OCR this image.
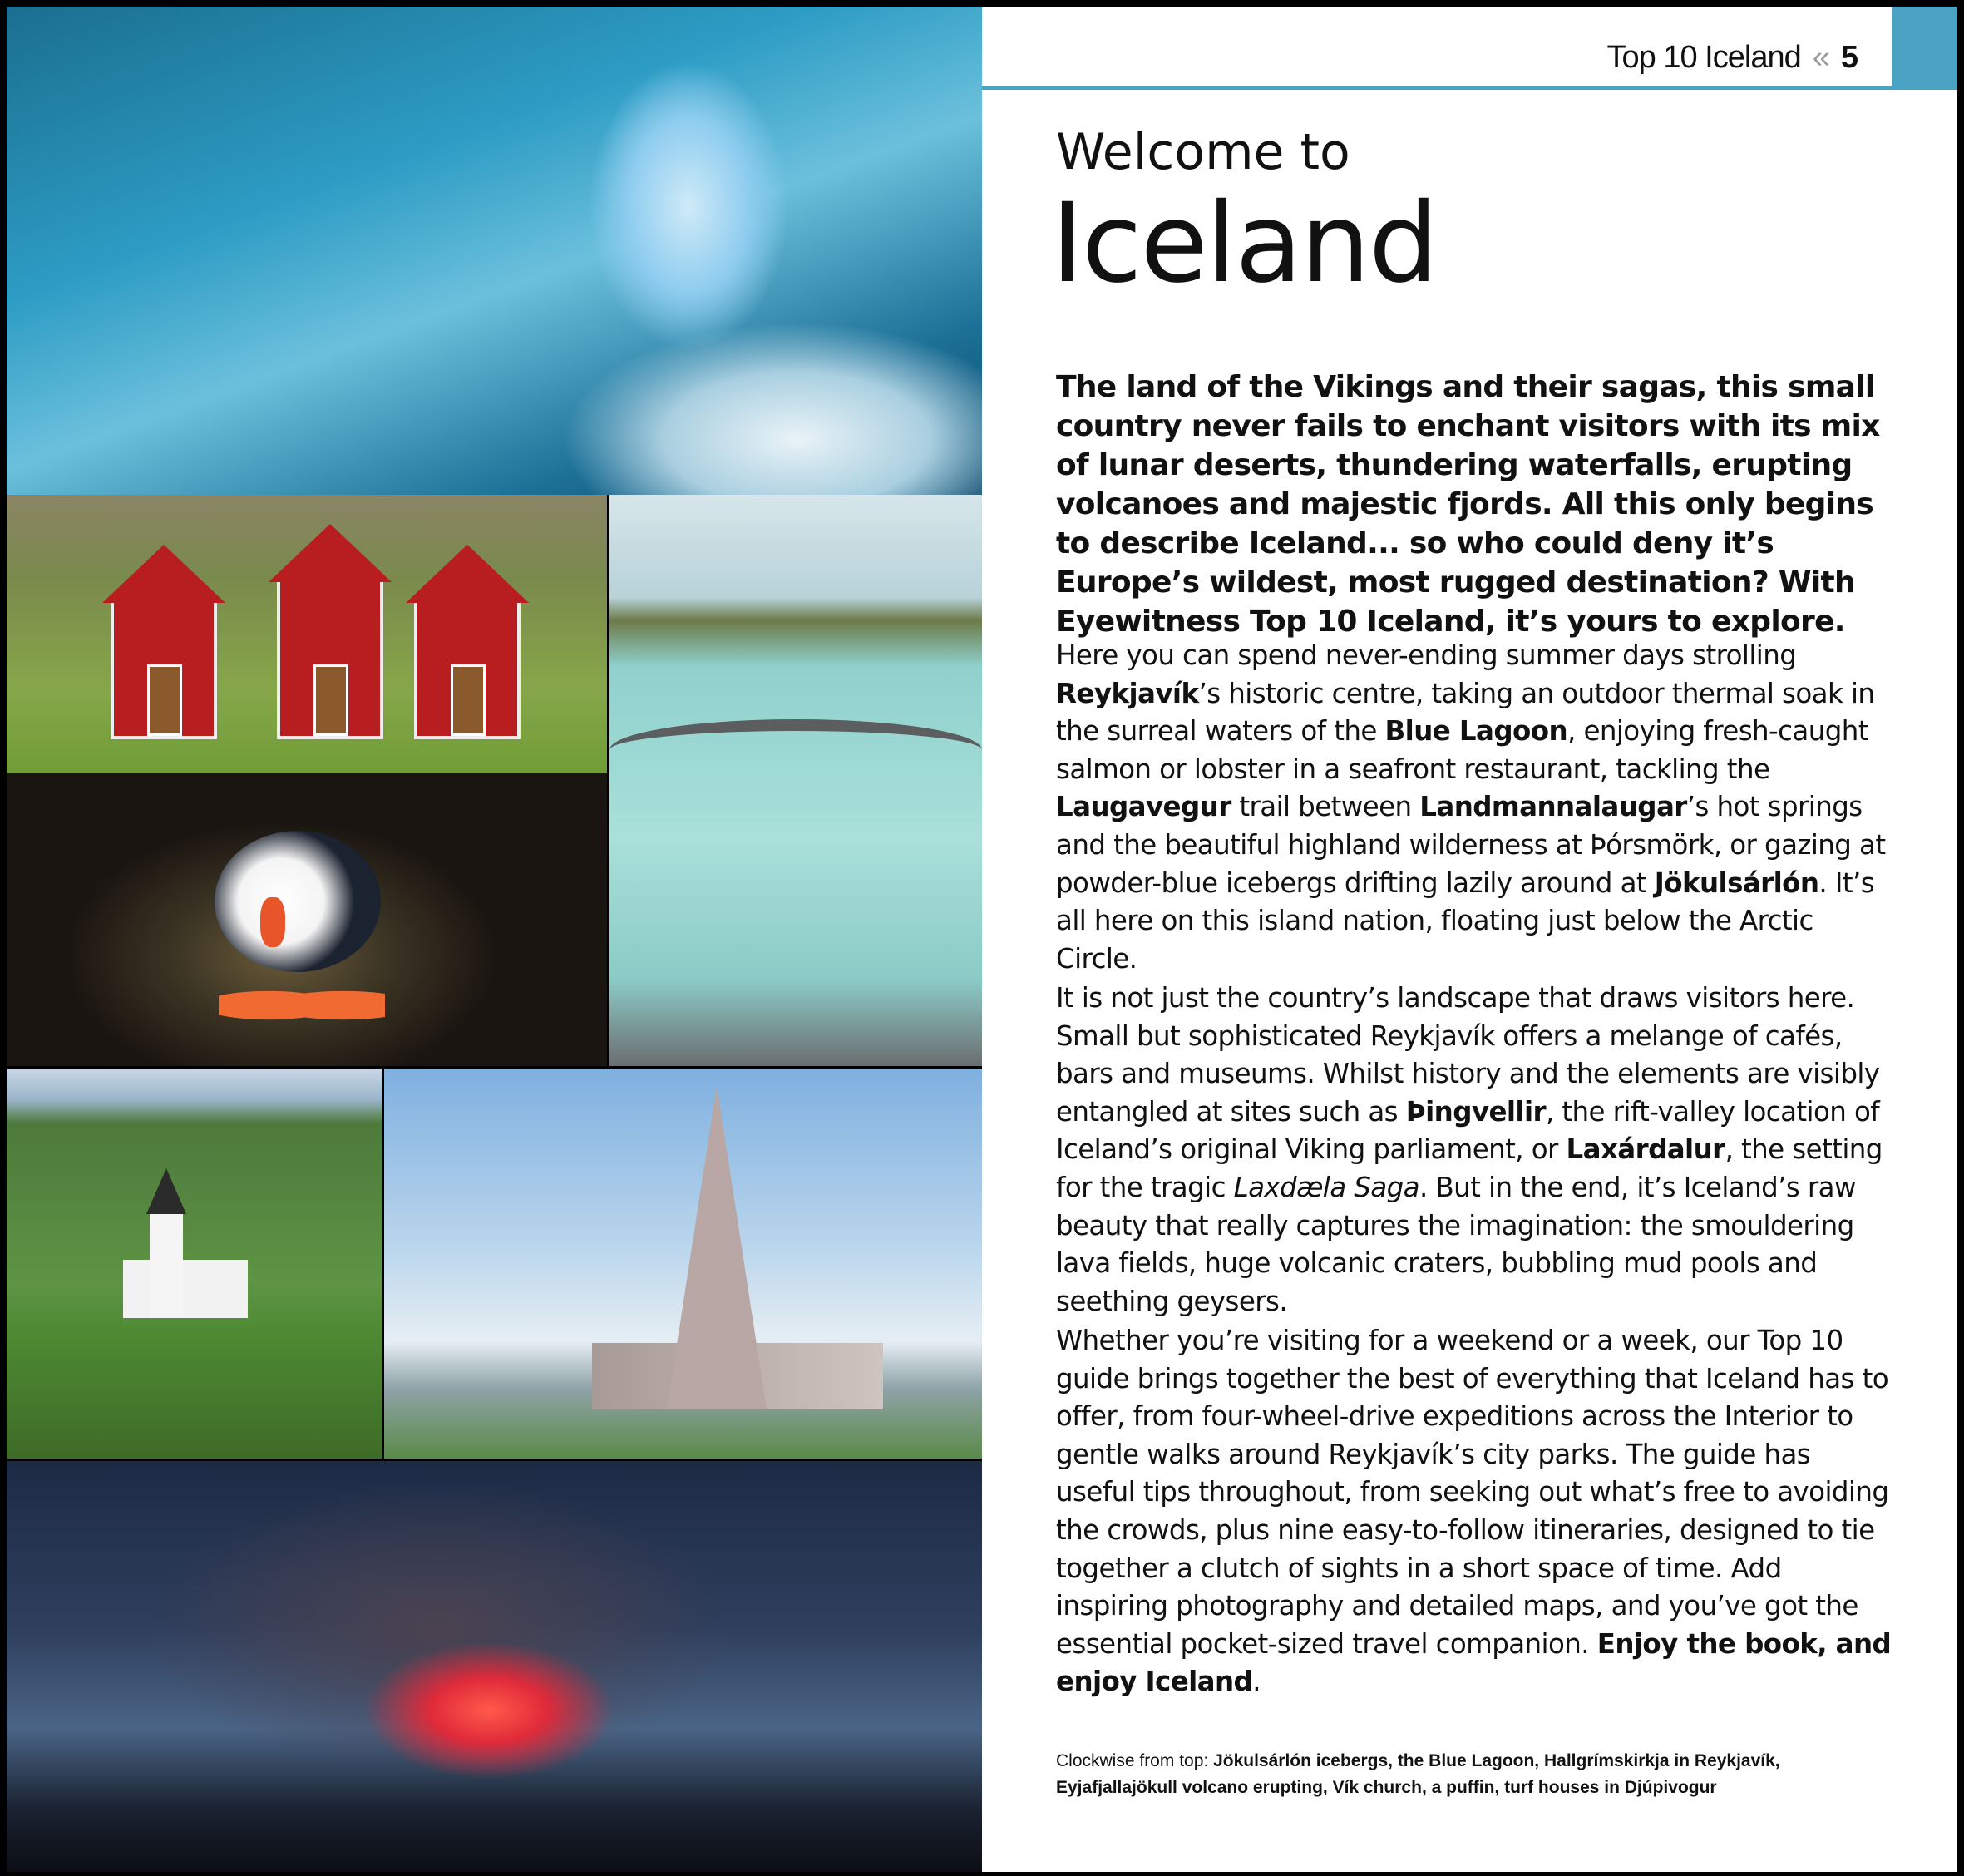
Top 10 Iceland « 5
Welcome to
Iceland
The land of the Vikings and their sagas, this small country never fails to enchant visitors with its mix of lunar deserts, thundering waterfalls, erupting volcanoes and majestic fjords. All this only begins to describe Iceland... so who could deny it’s Europe’s wildest, most rugged destination? With Eyewitness Top 10 Iceland, it’s yours to explore.
Here you can spend never-ending summer days strolling Reykjavík’s historic centre, taking an outdoor thermal soak in the surreal waters of the Blue Lagoon, enjoying fresh-caught salmon or lobster in a seafront restaurant, tackling the Laugavegur trail between Landmannalaugar’s hot springs and the beautiful highland wilderness at Þórsmörk, or gazing at powder-blue icebergs drifting lazily around at Jökulsárlón. It’s all here on this island nation, floating just below the Arctic Circle.
It is not just the country’s landscape that draws visitors here. Small but sophisticated Reykjavík offers a melange of cafés, bars and museums. Whilst history and the elements are visibly entangled at sites such as Þingvellir, the rift-valley location of Iceland’s original Viking parliament, or Laxárdalur, the setting for the tragic Laxdæla Saga. But in the end, it’s Iceland’s raw beauty that really captures the imagination: the smouldering lava fields, huge volcanic craters, bubbling mud pools and seething geysers.
Whether you’re visiting for a weekend or a week, our Top 10 guide brings together the best of everything that Iceland has to offer, from four-wheel-drive expeditions across the Interior to gentle walks around Reykjavík’s city parks. The guide has useful tips throughout, from seeking out what’s free to avoiding the crowds, plus nine easy-to-follow itineraries, designed to tie together a clutch of sights in a short space of time. Add inspiring photography and detailed maps, and you’ve got the essential pocket-sized travel companion. Enjoy the book, and enjoy Iceland.
Clockwise from top: Jökulsárlón icebergs, the Blue Lagoon, Hallgrímskirkja in Reykjavík, Eyjafjallajökull volcano erupting, Vík church, a puffin, turf houses in Djúpivogur
